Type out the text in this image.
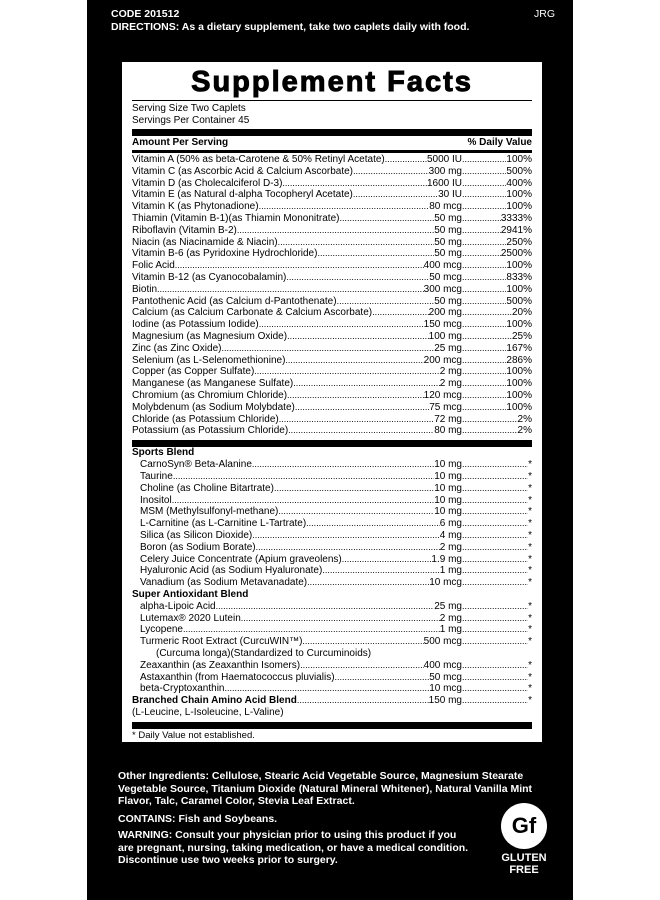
CODE 201512	JRG
DIRECTIONS: As a dietary supplement, take two caplets daily with food.
Supplement Facts
Serving Size Two Caplets
Servings Per Container 45
Amount Per Serving	% Daily Value
Vitamin A (50% as beta-Carotene & 50% Retinyl Acetate) .....	5000 IU .....	100%
Vitamin C (as Ascorbic Acid & Calcium Ascorbate) .....	300 mg .....	500%
Vitamin D (as Cholecalciferol D-3) .....	1600 IU .....	400%
Vitamin E (as Natural d-alpha Tocopheryl Acetate) .....	30 IU .....	100%
Vitamin K (as Phytonadione) .....	80 mcg .....	100%
Thiamin (Vitamin B-1)(as Thiamin Mononitrate) .....	50 mg .....	3333%
Riboflavin (Vitamin B-2) .....	50 mg .....	2941%
Niacin (as Niacinamide & Niacin) .....	50 mg .....	250%
Vitamin B-6 (as Pyridoxine Hydrochloride) .....	50 mg .....	2500%
Folic Acid .....	400 mcg .....	100%
Vitamin B-12 (as Cyanocobalamin) .....	50 mcg .....	833%
Biotin .....	300 mcg .....	100%
Pantothenic Acid (as Calcium d-Pantothenate) .....	50 mg .....	500%
Calcium (as Calcium Carbonate & Calcium Ascorbate) .....	200 mg .....	20%
Iodine (as Potassium Iodide) .....	150 mcg .....	100%
Magnesium (as Magnesium Oxide) .....	100 mg .....	25%
Zinc (as Zinc Oxide) .....	25 mg .....	167%
Selenium (as L-Selenomethionine) .....	200 mcg .....	286%
Copper (as Copper Sulfate) .....	2 mg .....	100%
Manganese (as Manganese Sulfate) .....	2 mg .....	100%
Chromium (as Chromium Chloride) .....	120 mcg .....	100%
Molybdenum (as Sodium Molybdate) .....	75 mcg .....	100%
Chloride (as Potassium Chloride) .....	72 mg .....	2%
Potassium (as Potassium Chloride) .....	80 mg .....	2%
Sports Blend
CarnoSyn® Beta-Alanine .....	10 mg .....	*
Taurine .....	10 mg .....	*
Choline (as Choline Bitartrate) .....	10 mg .....	*
Inositol .....	10 mg .....	*
MSM (Methylsulfonyl-methane) .....	10 mg .....	*
L-Carnitine (as L-Carnitine L-Tartrate) .....	6 mg .....	*
Silica (as Silicon Dioxide) .....	4 mg .....	*
Boron (as Sodium Borate) .....	2 mg .....	*
Celery Juice Concentrate (Apium graveolens) .....	1.9 mg .....	*
Hyaluronic Acid (as Sodium Hyaluronate) .....	1 mg .....	*
Vanadium (as Sodium Metavanadate) .....	10 mcg .....	*
Super Antioxidant Blend
alpha-Lipoic Acid .....	25 mg .....	*
Lutemax® 2020 Lutein .....	2 mg .....	*
Lycopene .....	1 mg .....	*
Turmeric Root Extract (CurcuWIN™) .....	500 mcg .....	*
(Curcuma longa)(Standardized to Curcuminoids)
Zeaxanthin (as Zeaxanthin Isomers) .....	400 mcg .....	*
Astaxanthin (from Haematococcus pluvialis) .....	50 mcg .....	*
beta-Cryptoxanthin .....	10 mcg .....	*
Branched Chain Amino Acid Blend .....	150 mg .....	*
(L-Leucine, L-Isoleucine, L-Valine)
* Daily Value not established.
Other Ingredients: Cellulose, Stearic Acid Vegetable Source, Magnesium Stearate Vegetable Source, Titanium Dioxide (Natural Mineral Whitener), Natural Vanilla Mint Flavor, Talc, Caramel Color, Stevia Leaf Extract.
CONTAINS: Fish and Soybeans.
WARNING: Consult your physician prior to using this product if you are pregnant, nursing, taking medication, or have a medical condition. Discontinue use two weeks prior to surgery.
Gf
GLUTEN
FREE
